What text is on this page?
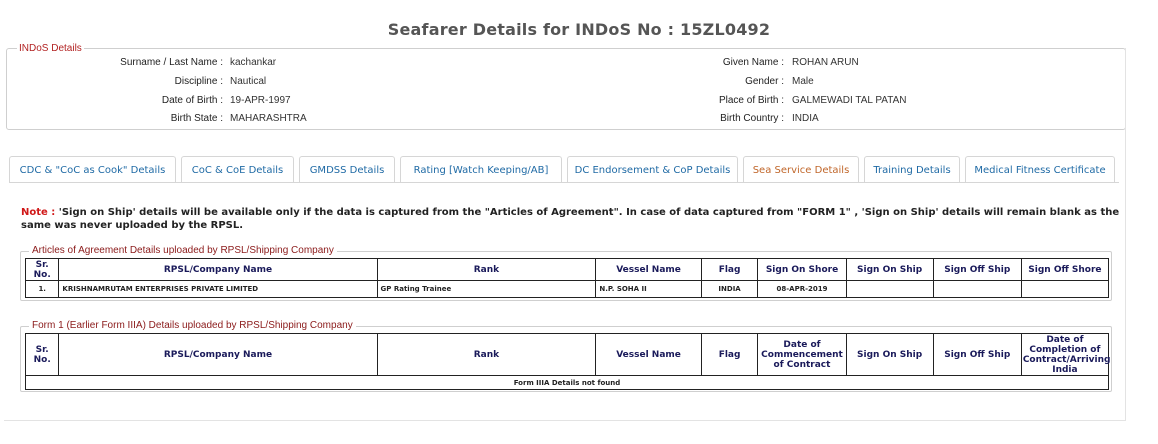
Seafarer Details for INDoS No : 15ZL0492
INDoS Details
Surname / Last Name : kachankar
Discipline : Nautical
Date of Birth : 19-APR-1997
Birth State : MAHARASHTRA
Given Name : ROHAN ARUN
Gender : Male
Place of Birth : GALMEWADI TAL PATAN
Birth Country : INDIA
CDC & "CoC as Cook" Details	CoC & CoE Details	GMDSS Details	Rating [Watch Keeping/AB]	DC Endorsement & CoP Details	Sea Service Details	Training Details	Medical Fitness Certificate
Note : 'Sign on Ship' details will be available only if the data is captured from the "Articles of Agreement". In case of data captured from "FORM 1" , 'Sign on Ship' details will remain blank as the same was never uploaded by the RPSL.
Articles of Agreement Details uploaded by RPSL/Shipping Company
Sr. No.	RPSL/Company Name	Rank	Vessel Name	Flag	Sign On Shore	Sign On Ship	Sign Off Ship	Sign Off Shore
1.	KRISHNAMRUTAM ENTERPRISES PRIVATE LIMITED	GP Rating Trainee	N.P. SOHA II	INDIA	08-APR-2019			
Form 1 (Earlier Form IIIA) Details uploaded by RPSL/Shipping Company
Sr. No.	RPSL/Company Name	Rank	Vessel Name	Flag	Date of Commencement of Contract	Sign On Ship	Sign Off Ship	Date of Completion of Contract/Arriving India
Form IIIA Details not found
